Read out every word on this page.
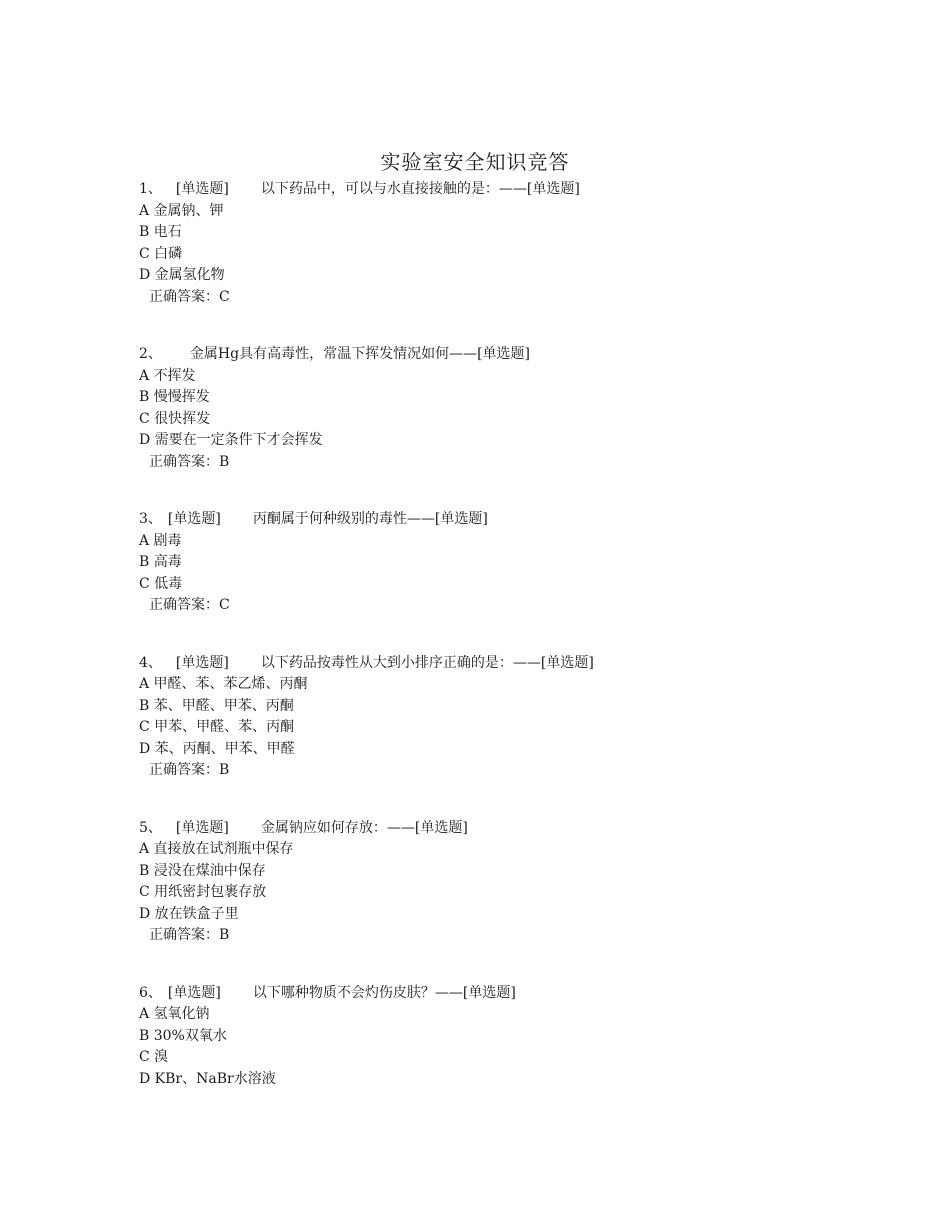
实验室安全知识竞答
1、 [单选题] 以下药品中，可以与水直接接触的是：——[单选题]
A 金属钠、钾
B 电石
C 白磷
D 金属氢化物
正确答案：C
2、 金属Hg具有高毒性，常温下挥发情况如何——[单选题]
A 不挥发
B 慢慢挥发
C 很快挥发
D 需要在一定条件下才会挥发
正确答案：B
3、 [单选题] 丙酮属于何种级别的毒性——[单选题]
A 剧毒
B 高毒
C 低毒
正确答案：C
4、 [单选题] 以下药品按毒性从大到小排序正确的是：——[单选题]
A 甲醛、苯、苯乙烯、丙酮
B 苯、甲醛、甲苯、丙酮
C 甲苯、甲醛、苯、丙酮
D 苯、丙酮、甲苯、甲醛
正确答案：B
5、 [单选题] 金属钠应如何存放：——[单选题]
A 直接放在试剂瓶中保存
B 浸没在煤油中保存
C 用纸密封包裹存放
D 放在铁盒子里
正确答案：B
6、 [单选题] 以下哪种物质不会灼伤皮肤？——[单选题]
A 氢氧化钠
B 30%双氧水
C 溴
D KBr、NaBr水溶液
